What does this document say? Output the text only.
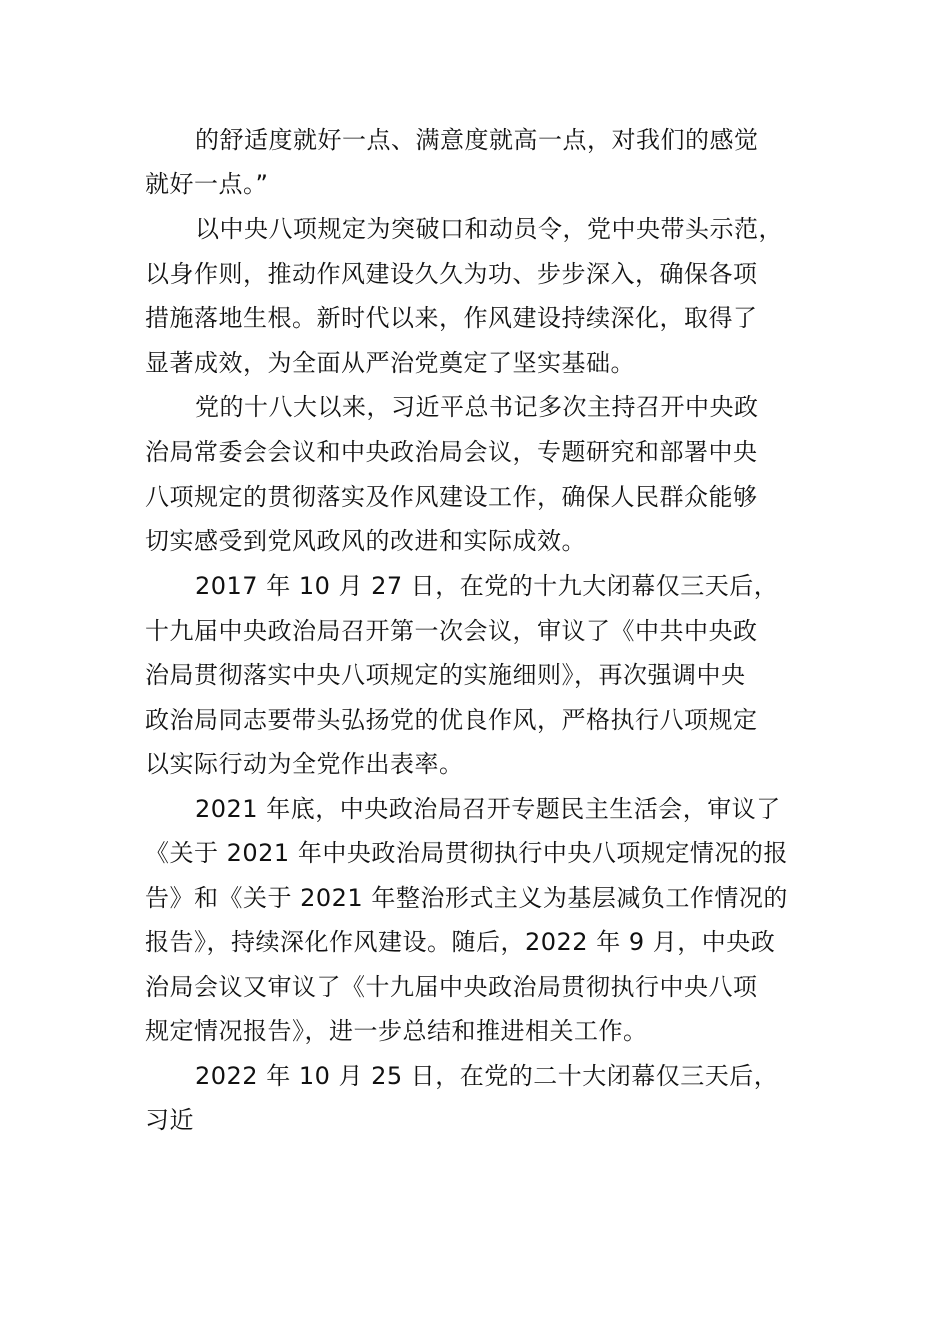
的舒适度就好一点、满意度就高一点，对我们的感觉
就好一点。”
以中央八项规定为突破口和动员令，党中央带头示范，
以身作则，推动作风建设久久为功、步步深入，确保各项
措施落地生根。新时代以来，作风建设持续深化，取得了
显著成效，为全面从严治党奠定了坚实基础。
党的十八大以来，习近平总书记多次主持召开中央政
治局常委会会议和中央政治局会议，专题研究和部署中央
八项规定的贯彻落实及作风建设工作，确保人民群众能够
切实感受到党风政风的改进和实际成效。
2017 年 10 月 27 日，在党的十九大闭幕仅三天后，
十九届中央政治局召开第一次会议，审议了《中共中央政
治局贯彻落实中央八项规定的实施细则》，再次强调中央
政治局同志要带头弘扬党的优良作风，严格执行八项规定
以实际行动为全党作出表率。
2021 年底，中央政治局召开专题民主生活会，审议了
《关于 2021 年中央政治局贯彻执行中央八项规定情况的报
告》和《关于 2021 年整治形式主义为基层减负工作情况的
报告》，持续深化作风建设。随后，2022 年 9 月，中央政
治局会议又审议了《十九届中央政治局贯彻执行中央八项
规定情况报告》，进一步总结和推进相关工作。
2022 年 10 月 25 日，在党的二十大闭幕仅三天后，
习近
